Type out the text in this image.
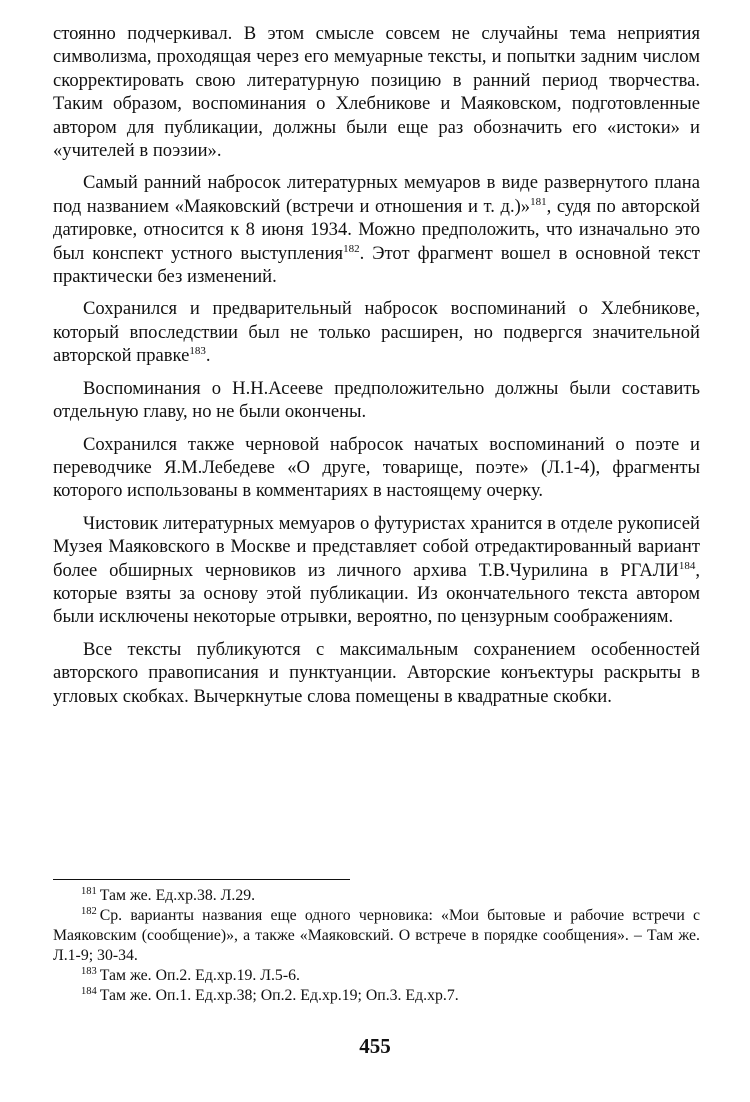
стоянно подчеркивал. В этом смысле совсем не случайны тема неприятия символизма, проходящая через его мемуарные тексты, и попытки задним числом скорректировать свою литературную позицию в ранний период творчества. Таким образом, воспоминания о Хлебникове и Маяковском, подготовленные автором для публикации, должны были еще раз обозначить его «истоки» и «учителей в поэзии».

Самый ранний набросок литературных мемуаров в виде развернутого плана под названием «Маяковский (встречи и отношения и т. д.)»$^{181}$, судя по авторской датировке, относится к 8 июня 1934. Можно предположить, что изначально это был конспект устного выступления$^{182}$. Этот фрагмент вошел в основной текст практически без изменений.

Сохранился и предварительный набросок воспоминаний о Хлебникове, который впоследствии был не только расширен, но подвергся значительной авторской правке$^{183}$.

Воспоминания о Н.Н.Асееве предположительно должны были составить отдельную главу, но не были окончены.

Сохранился также черновой набросок начатых воспоминаний о поэте и переводчике Я.М.Лебедеве «О друге, товарище, поэте» (Л.1-4), фрагменты которого использованы в комментариях в настоящему очерку.

Чистовик литературных мемуаров о футуристах хранится в отделе рукописей Музея Маяковского в Москве и представляет собой отредактированный вариант более обширных черновиков из личного архива Т.В.Чурилина в РГАЛИ$^{184}$, которые взяты за основу этой публикации. Из окончательного текста автором были исключены некоторые отрывки, вероятно, по цензурным соображениям.

Все тексты публикуются с максимальным сохранением особенностей авторского правописания и пунктуанции. Авторские конъектуры раскрыты в угловых скобках. Вычеркнутые слова помещены в квадратные скобки.

$^{181}$ Там же. Ед.хр.38. Л.29.

$^{182}$ Ср. варианты названия еще одного черновика: «Мои бытовые и рабочие встречи с Маяковским (сообщение)», а также «Маяковский. О встрече в порядке сообщения». – Там же. Л.1-9; 30-34.

$^{183}$ Там же. Оп.2. Ед.хр.19. Л.5-6.

$^{184}$ Там же. Оп.1. Ед.хр.38; Оп.2. Ед.хр.19; Оп.3. Ед.хр.7.

455
